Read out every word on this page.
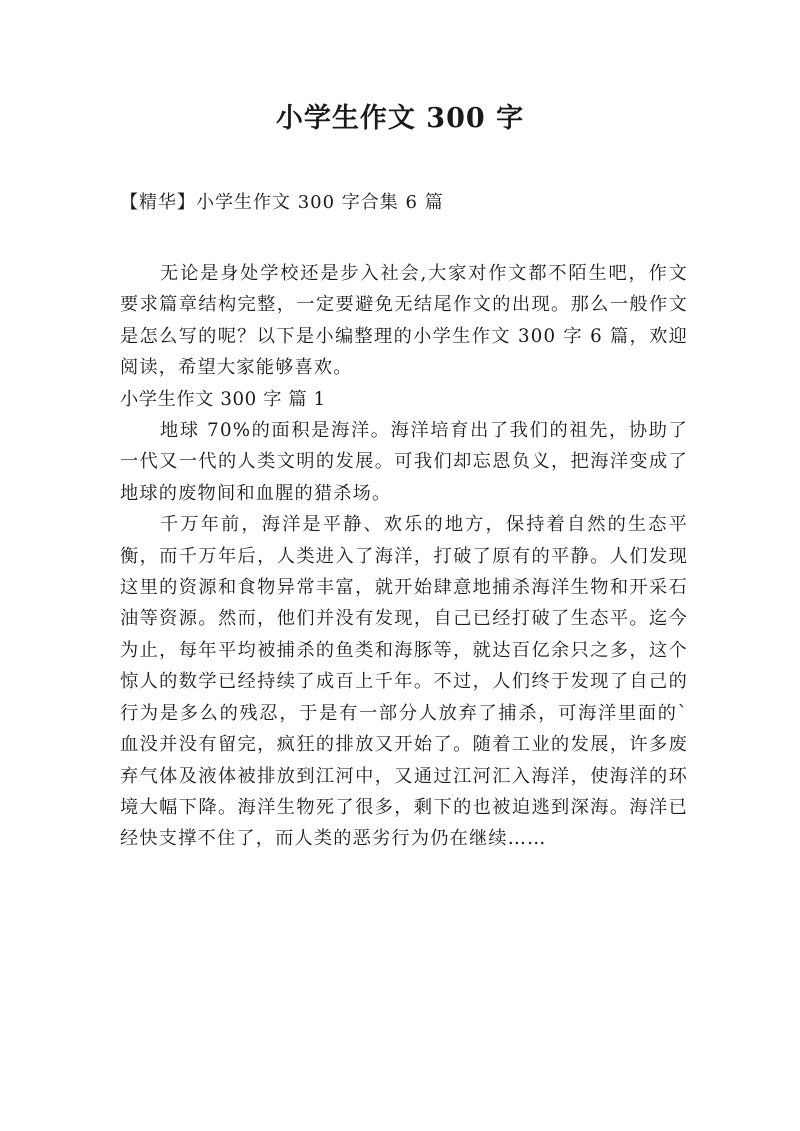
小学生作文 300 字
【精华】小学生作文 300 字合集 6 篇

无论是身处学校还是步入社会,大家对作文都不陌生吧，作文要求篇章结构完整，一定要避免无结尾作文的出现。那么一般作文是怎么写的呢？以下是小编整理的小学生作文 300 字 6 篇，欢迎阅读，希望大家能够喜欢。

小学生作文 300 字 篇 1

地球 70%的面积是海洋。海洋培育出了我们的祖先，协助了一代又一代的人类文明的发展。可我们却忘恩负义，把海洋变成了地球的废物间和血腥的猎杀场。

千万年前，海洋是平静、欢乐的地方，保持着自然的生态平衡，而千万年后，人类进入了海洋，打破了原有的平静。人们发现这里的资源和食物异常丰富，就开始肆意地捕杀海洋生物和开采石油等资源。然而，他们并没有发现，自己已经打破了生态平。迄今为止，每年平均被捕杀的鱼类和海豚等，就达百亿余只之多，这个惊人的数学已经持续了成百上千年。不过，人们终于发现了自己的行为是多么的残忍，于是有一部分人放弃了捕杀，可海洋里面的`血没并没有留完，疯狂的排放又开始了。随着工业的发展，许多废弃气体及液体被排放到江河中，又通过江河汇入海洋，使海洋的环境大幅下降。海洋生物死了很多，剩下的也被迫逃到深海。海洋已经快支撑不住了，而人类的恶劣行为仍在继续……
